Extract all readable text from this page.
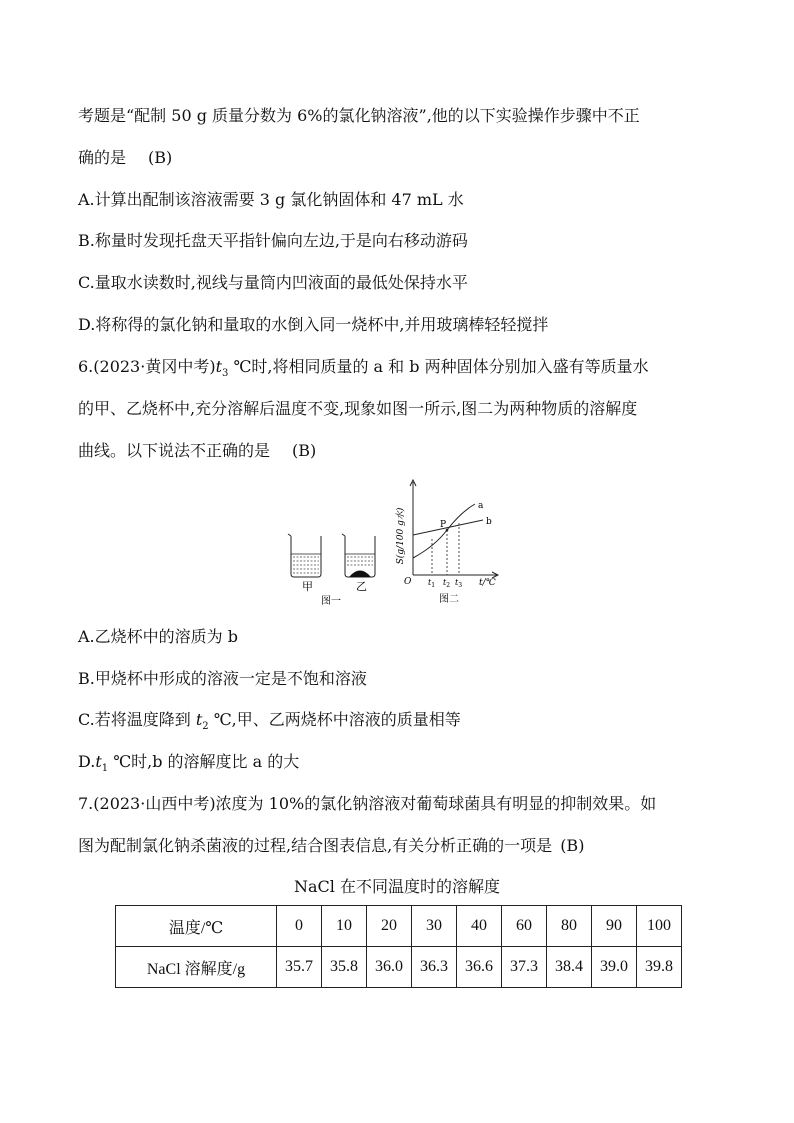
考题是“配制 50 g 质量分数为 6%的氯化钠溶液”,他的以下实验操作步骤中不正
确的是 (B)
A.计算出配制该溶液需要 3 g 氯化钠固体和 47 mL 水
B.称量时发现托盘天平指针偏向左边,于是向右移动游码
C.量取水读数时,视线与量筒内凹液面的最低处保持水平
D.将称得的氯化钠和量取的水倒入同一烧杯中,并用玻璃棒轻轻搅拌
6.(2023·黄冈中考)$t_3$ ℃时,将相同质量的 a 和 b 两种固体分别加入盛有等质量水
的甲、乙烧杯中,充分溶解后温度不变,现象如图一所示,图二为两种物质的溶解度
曲线。以下说法不正确的是 (B)
甲	乙
图一
S(g/100 g水)
O	t/℃
a
b
P
$t_1$ $t_2$ $t_3$
图二
A.乙烧杯中的溶质为 b
B.甲烧杯中形成的溶液一定是不饱和溶液
C.若将温度降到 $t_2$ ℃,甲、乙两烧杯中溶液的质量相等
$D.t_1$ ℃时,b 的溶解度比 a 的大
7.(2023·山西中考)浓度为 10%的氯化钠溶液对葡萄球菌具有明显的抑制效果。如
图为配制氯化钠杀菌液的过程,结合图表信息,有关分析正确的一项是 (B)
NaCl 在不同温度时的溶解度
温度/℃	0	10	20	30	40	60	80	90	100
NaCl 溶解度/g	35.7	35.8	36.0	36.3	36.6	37.3	38.4	39.0	39.8
